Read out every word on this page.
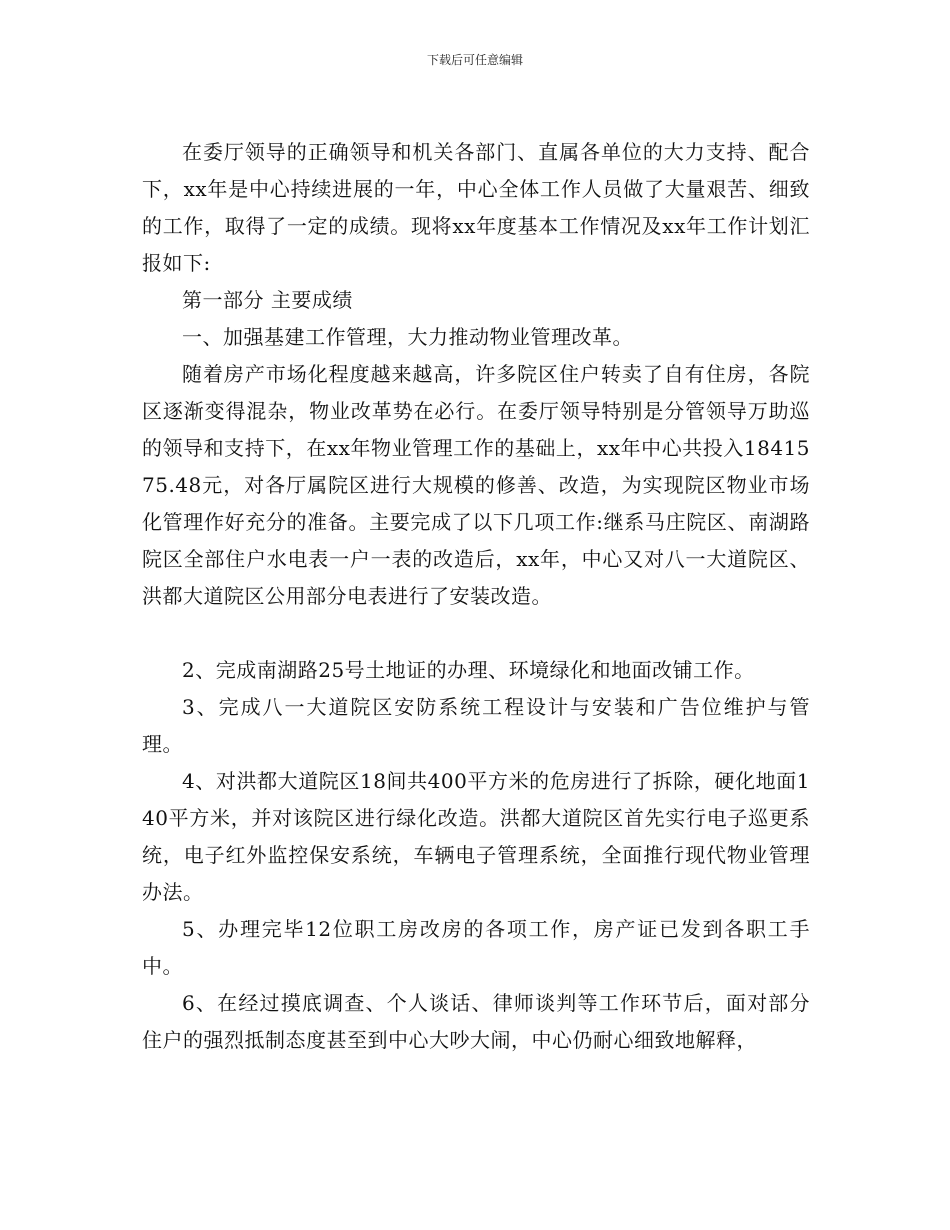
下载后可任意编辑

在委厅领导的正确领导和机关各部门、直属各单位的大力支持、配合下，xx年是中心持续进展的一年，中心全体工作人员做了大量艰苦、细致的工作，取得了一定的成绩。现将xx年度基本工作情况及xx年工作计划汇报如下:

第一部分 主要成绩

一、加强基建工作管理，大力推动物业管理改革。

随着房产市场化程度越来越高，许多院区住户转卖了自有住房，各院区逐渐变得混杂，物业改革势在必行。在委厅领导特别是分管领导万助巡的领导和支持下，在xx年物业管理工作的基础上，xx年中心共投入1841575.48元，对各厅属院区进行大规模的修善、改造，为实现院区物业市场化管理作好充分的准备。主要完成了以下几项工作:继系马庄院区、南湖路院区全部住户水电表一户一表的改造后，xx年，中心又对八一大道院区、洪都大道院区公用部分电表进行了安装改造。

2、完成南湖路25号土地证的办理、环境绿化和地面改铺工作。

3、完成八一大道院区安防系统工程设计与安装和广告位维护与管理。

4、对洪都大道院区18间共400平方米的危房进行了拆除，硬化地面140平方米，并对该院区进行绿化改造。洪都大道院区首先实行电子巡更系统，电子红外监控保安系统，车辆电子管理系统，全面推行现代物业管理办法。

5、办理完毕12位职工房改房的各项工作，房产证已发到各职工手中。

6、在经过摸底调查、个人谈话、律师谈判等工作环节后，面对部分住户的强烈抵制态度甚至到中心大吵大闹，中心仍耐心细致地解释，
